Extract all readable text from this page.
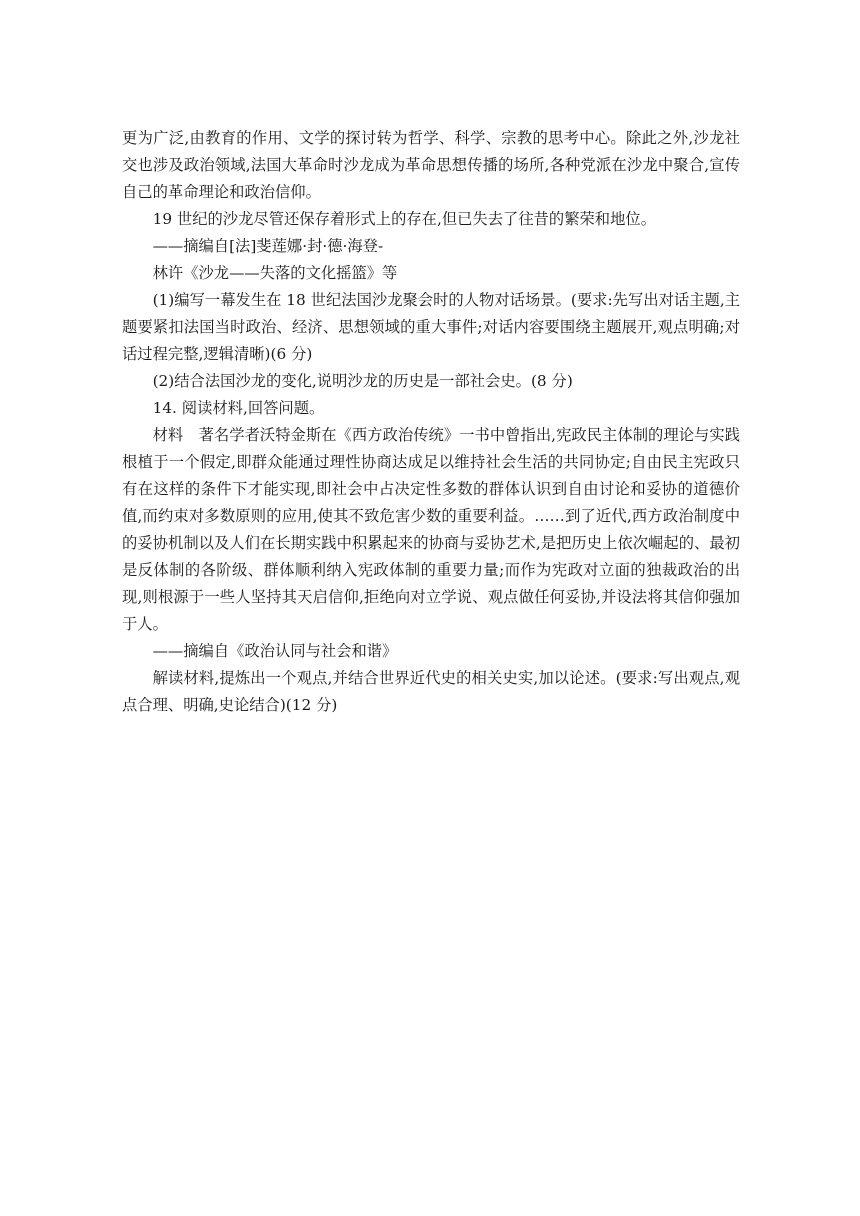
更为广泛,由教育的作用、文学的探讨转为哲学、科学、宗教的思考中心。除此之外,沙龙社交也涉及政治领域,法国大革命时沙龙成为革命思想传播的场所,各种党派在沙龙中聚合,宣传自己的革命理论和政治信仰。

19 世纪的沙龙尽管还保存着形式上的存在,但已失去了往昔的繁荣和地位。

——摘编自[法]斐莲娜·封·德·海登-

林许《沙龙——失落的文化摇篮》等

(1)编写一幕发生在 18 世纪法国沙龙聚会时的人物对话场景。(要求:先写出对话主题,主题要紧扣法国当时政治、经济、思想领域的重大事件;对话内容要围绕主题展开,观点明确;对话过程完整,逻辑清晰)(6 分)

(2)结合法国沙龙的变化,说明沙龙的历史是一部社会史。(8 分)

14. 阅读材料,回答问题。

材料　著名学者沃特金斯在《西方政治传统》一书中曾指出,宪政民主体制的理论与实践根植于一个假定,即群众能通过理性协商达成足以维持社会生活的共同协定;自由民主宪政只有在这样的条件下才能实现,即社会中占决定性多数的群体认识到自由讨论和妥协的道德价值,而约束对多数原则的应用,使其不致危害少数的重要利益。……到了近代,西方政治制度中的妥协机制以及人们在长期实践中积累起来的协商与妥协艺术,是把历史上依次崛起的、最初是反体制的各阶级、群体顺利纳入宪政体制的重要力量;而作为宪政对立面的独裁政治的出现,则根源于一些人坚持其天启信仰,拒绝向对立学说、观点做任何妥协,并设法将其信仰强加于人。

——摘编自《政治认同与社会和谐》

解读材料,提炼出一个观点,并结合世界近代史的相关史实,加以论述。(要求:写出观点,观点合理、明确,史论结合)(12 分)
